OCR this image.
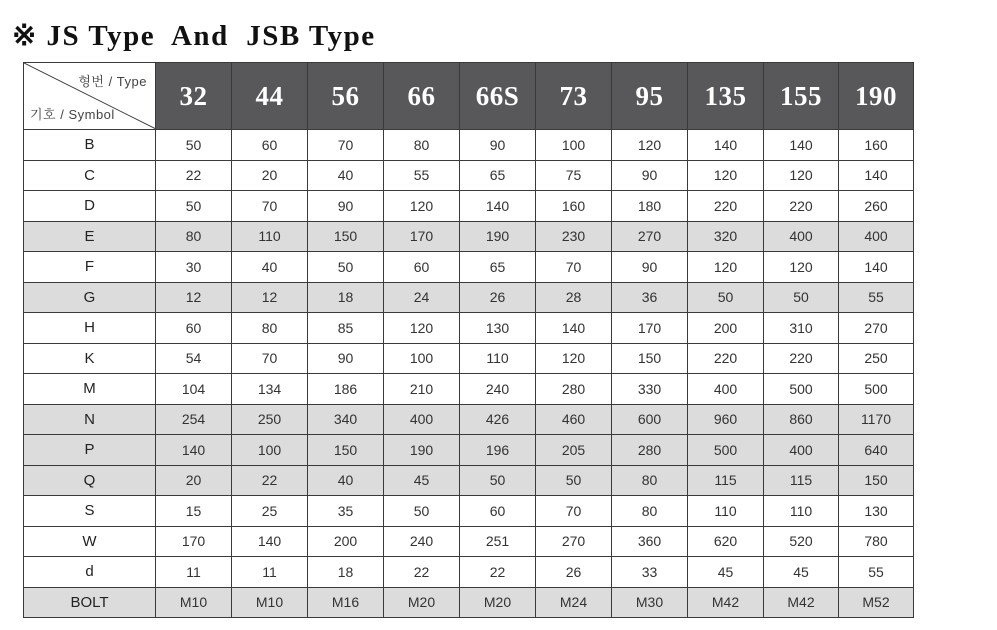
※ JS Type  And  JSB Type
형번 / Type
기호 / Symbol	32	44	56	66	66S	73	95	135	155	190
B	50	60	70	80	90	100	120	140	140	160
C	22	20	40	55	65	75	90	120	120	140
D	50	70	90	120	140	160	180	220	220	260
E	80	110	150	170	190	230	270	320	400	400
F	30	40	50	60	65	70	90	120	120	140
G	12	12	18	24	26	28	36	50	50	55
H	60	80	85	120	130	140	170	200	310	270
K	54	70	90	100	110	120	150	220	220	250
M	104	134	186	210	240	280	330	400	500	500
N	254	250	340	400	426	460	600	960	860	1170
P	140	100	150	190	196	205	280	500	400	640
Q	20	22	40	45	50	50	80	115	115	150
S	15	25	35	50	60	70	80	110	110	130
W	170	140	200	240	251	270	360	620	520	780
d	11	11	18	22	22	26	33	45	45	55
BOLT	M10	M10	M16	M20	M20	M24	M30	M42	M42	M52
